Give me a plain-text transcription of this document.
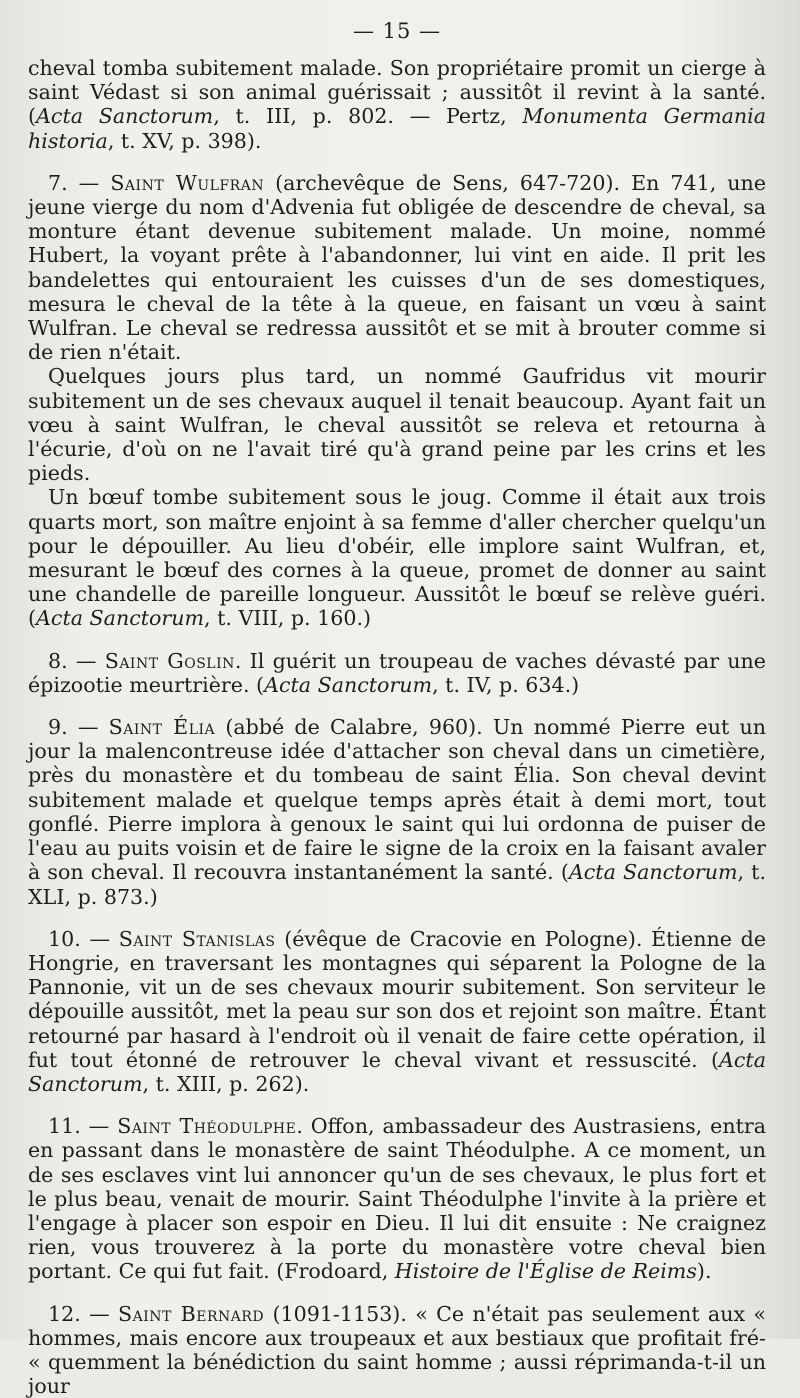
— 15 —

cheval tomba subitement malade. Son propriétaire promit un cierge à saint Védast si son animal guérissait ; aussitôt il revint à la santé. (Acta Sanctorum, t. III, p. 802. — Pertz, Monumenta Germania historia, t. XV, p. 398).

7. — Saint Wulfran (archevêque de Sens, 647-720). En 741, une jeune vierge du nom d'Advenia fut obligée de descendre de cheval, sa monture étant devenue subitement malade. Un moine, nommé Hubert, la voyant prête à l'abandonner, lui vint en aide. Il prit les bandelettes qui entouraient les cuisses d'un de ses domestiques, mesura le cheval de la tête à la queue, en faisant un vœu à saint Wulfran. Le cheval se redressa aussitôt et se mit à brouter comme si de rien n'était.

Quelques jours plus tard, un nommé Gaufridus vit mourir subitement un de ses chevaux auquel il tenait beaucoup. Ayant fait un vœu à saint Wulfran, le cheval aussitôt se releva et retourna à l'écurie, d'où on ne l'avait tiré qu'à grand peine par les crins et les pieds.

Un bœuf tombe subitement sous le joug. Comme il était aux trois quarts mort, son maître enjoint à sa femme d'aller chercher quelqu'un pour le dépouiller. Au lieu d'obéir, elle implore saint Wulfran, et, mesurant le bœuf des cornes à la queue, promet de donner au saint une chandelle de pareille longueur. Aussitôt le bœuf se relève guéri. (Acta Sanctorum, t. VIII, p. 160.)

8. — Saint Goslin. Il guérit un troupeau de vaches dévasté par une épizootie meurtrière. (Acta Sanctorum, t. IV, p. 634.)

9. — Saint Élia (abbé de Calabre, 960). Un nommé Pierre eut un jour la malencontreuse idée d'attacher son cheval dans un cimetière, près du monastère et du tombeau de saint Élia. Son cheval devint subitement malade et quelque temps après était à demi mort, tout gonflé. Pierre implora à genoux le saint qui lui ordonna de puiser de l'eau au puits voisin et de faire le signe de la croix en la faisant avaler à son cheval. Il recouvra instantanément la santé. (Acta Sanctorum, t. XLI, p. 873.)

10. — Saint Stanislas (évêque de Cracovie en Pologne). Étienne de Hongrie, en traversant les montagnes qui séparent la Pologne de la Pannonie, vit un de ses chevaux mourir subitement. Son serviteur le dépouille aussitôt, met la peau sur son dos et rejoint son maître. Étant retourné par hasard à l'endroit où il venait de faire cette opération, il fut tout étonné de retrouver le cheval vivant et ressuscité. (Acta Sanctorum, t. XIII, p. 262).

11. — Saint Théodulphe. Offon, ambassadeur des Austrasiens, entra en passant dans le monastère de saint Théodulphe. A ce moment, un de ses esclaves vint lui annoncer qu'un de ses chevaux, le plus fort et le plus beau, venait de mourir. Saint Théodulphe l'invite à la prière et l'engage à placer son espoir en Dieu. Il lui dit ensuite : Ne craignez rien, vous trouverez à la porte du monastère votre cheval bien portant. Ce qui fut fait. (Frodoard, Histoire de l'Église de Reims).

12. — Saint Bernard (1091-1153). « Ce n'était pas seulement aux « hommes, mais encore aux troupeaux et aux bestiaux que profitait fré- « quemment la bénédiction du saint homme ; aussi réprimanda-t-il un jour
